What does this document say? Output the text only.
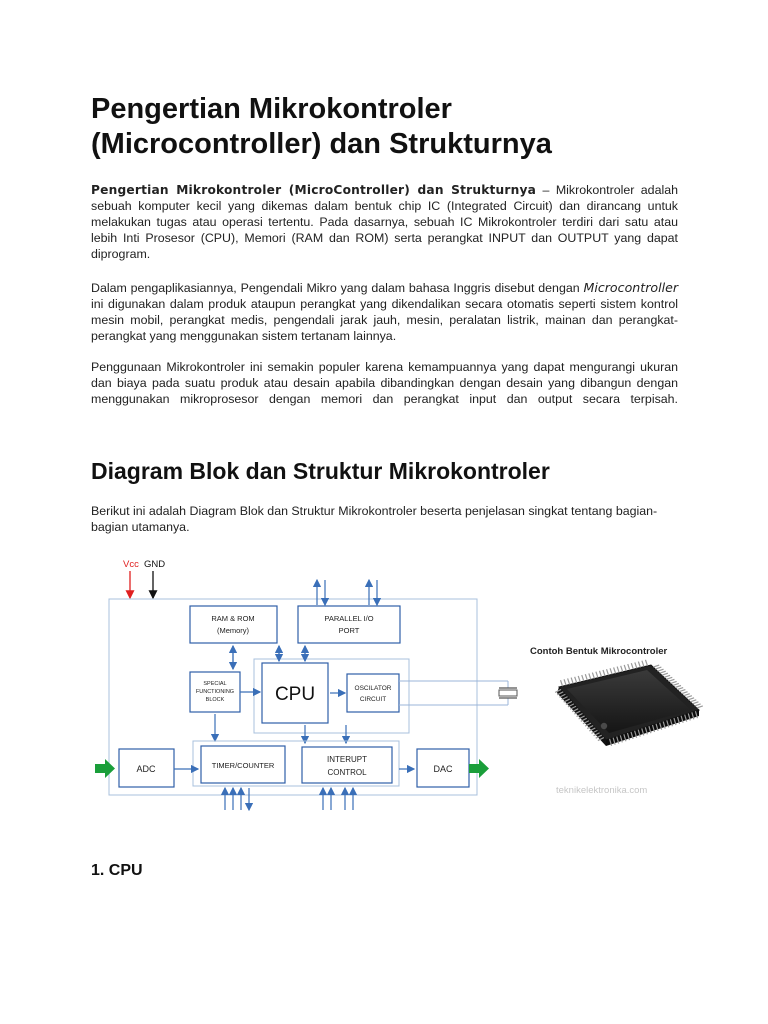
Pengertian Mikrokontroler (Microcontroller) dan Strukturnya

Pengertian Mikrokontroler (MicroController) dan Strukturnya – Mikrokontroler adalah sebuah komputer kecil yang dikemas dalam bentuk chip IC (Integrated Circuit) dan dirancang untuk melakukan tugas atau operasi tertentu. Pada dasarnya, sebuah IC Mikrokontroler terdiri dari satu atau lebih Inti Prosesor (CPU), Memori (RAM dan ROM) serta perangkat INPUT dan OUTPUT yang dapat diprogram.

Dalam pengaplikasiannya, Pengendali Mikro yang dalam bahasa Inggris disebut dengan Microcontroller ini digunakan dalam produk ataupun perangkat yang dikendalikan secara otomatis seperti sistem kontrol mesin mobil, perangkat medis, pengendali jarak jauh, mesin, peralatan listrik, mainan dan perangkat-perangkat yang menggunakan sistem tertanam lainnya.

Penggunaan Mikrokontroler ini semakin populer karena kemampuannya yang dapat mengurangi ukuran dan biaya pada suatu produk atau desain apabila dibandingkan dengan desain yang dibangun dengan menggunakan mikroprosesor dengan memori dan perangkat input dan output secara terpisah.

Diagram Blok dan Struktur Mikrokontroler

Berikut ini adalah Diagram Blok dan Struktur Mikrokontroler beserta penjelasan singkat tentang bagian-bagian utamanya.

1. CPU
Vcc GND
RAM & ROM
(Memory)
PARALLEL I/O
PORT
SPECIAL
FUNCTIONING
BLOCK	CPU	OSCILATOR
CIRCUIT
ADC	TIMER/COUNTER
INTERUPT
CONTROL	DAC
Contoh Bentuk Mikrocontroler
teknikelektronika.com
